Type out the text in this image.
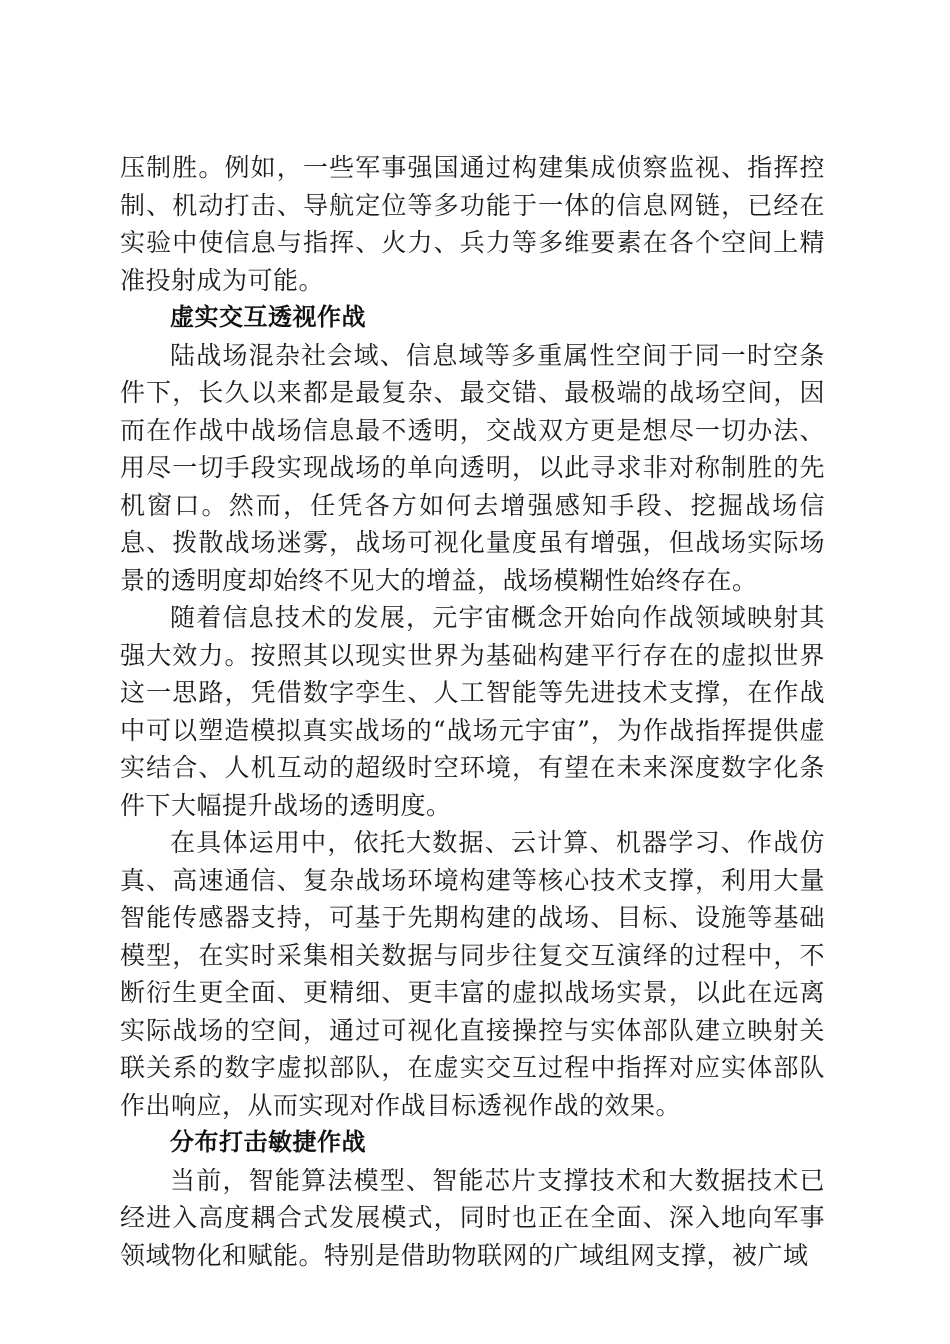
压制胜。例如，一些军事强国通过构建集成侦察监视、指挥控制、机动打击、导航定位等多功能于一体的信息网链，已经在实验中使信息与指挥、火力、兵力等多维要素在各个空间上精准投射成为可能。

虚实交互透视作战

陆战场混杂社会域、信息域等多重属性空间于同一时空条件下，长久以来都是最复杂、最交错、最极端的战场空间，因而在作战中战场信息最不透明，交战双方更是想尽一切办法、用尽一切手段实现战场的单向透明，以此寻求非对称制胜的先机窗口。然而，任凭各方如何去增强感知手段、挖掘战场信息、拨散战场迷雾，战场可视化量度虽有增强，但战场实际场景的透明度却始终不见大的增益，战场模糊性始终存在。

随着信息技术的发展，元宇宙概念开始向作战领域映射其强大效力。按照其以现实世界为基础构建平行存在的虚拟世界这一思路，凭借数字孪生、人工智能等先进技术支撑，在作战中可以塑造模拟真实战场的“战场元宇宙”，为作战指挥提供虚实结合、人机互动的超级时空环境，有望在未来深度数字化条件下大幅提升战场的透明度。

在具体运用中，依托大数据、云计算、机器学习、作战仿真、高速通信、复杂战场环境构建等核心技术支撑，利用大量智能传感器支持，可基于先期构建的战场、目标、设施等基础模型，在实时采集相关数据与同步往复交互演绎的过程中，不断衍生更全面、更精细、更丰富的虚拟战场实景，以此在远离实际战场的空间，通过可视化直接操控与实体部队建立映射关联关系的数字虚拟部队，在虚实交互过程中指挥对应实体部队作出响应，从而实现对作战目标透视作战的效果。

分布打击敏捷作战

当前，智能算法模型、智能芯片支撑技术和大数据技术已经进入高度耦合式发展模式，同时也正在全面、深入地向军事领域物化和赋能。特别是借助物联网的广域组网支撑，被广域
